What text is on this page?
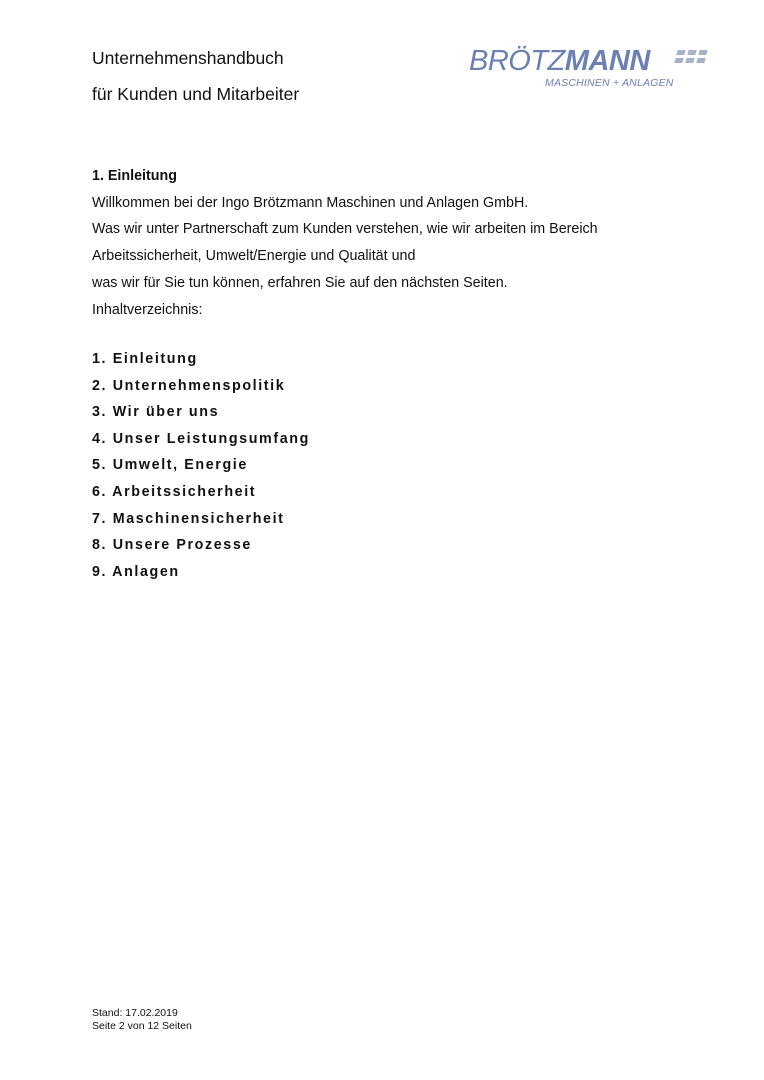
Unternehmenshandbuch
für Kunden und Mitarbeiter
BRÖTZMANN
MASCHINEN + ANLAGEN
1. Einleitung
Willkommen bei der Ingo Brötzmann Maschinen und Anlagen GmbH.
Was wir unter Partnerschaft zum Kunden verstehen, wie wir arbeiten im Bereich
Arbeitssicherheit, Umwelt/Energie und Qualität und
was wir für Sie tun können, erfahren Sie auf den nächsten Seiten.
Inhaltverzeichnis:
1. Einleitung
2. Unternehmenspolitik
3. Wir über uns
4. Unser Leistungsumfang
5. Umwelt, Energie
6. Arbeitssicherheit
7. Maschinensicherheit
8. Unsere Prozesse
9. Anlagen
Stand: 17.02.2019
Seite 2 von 12 Seiten
